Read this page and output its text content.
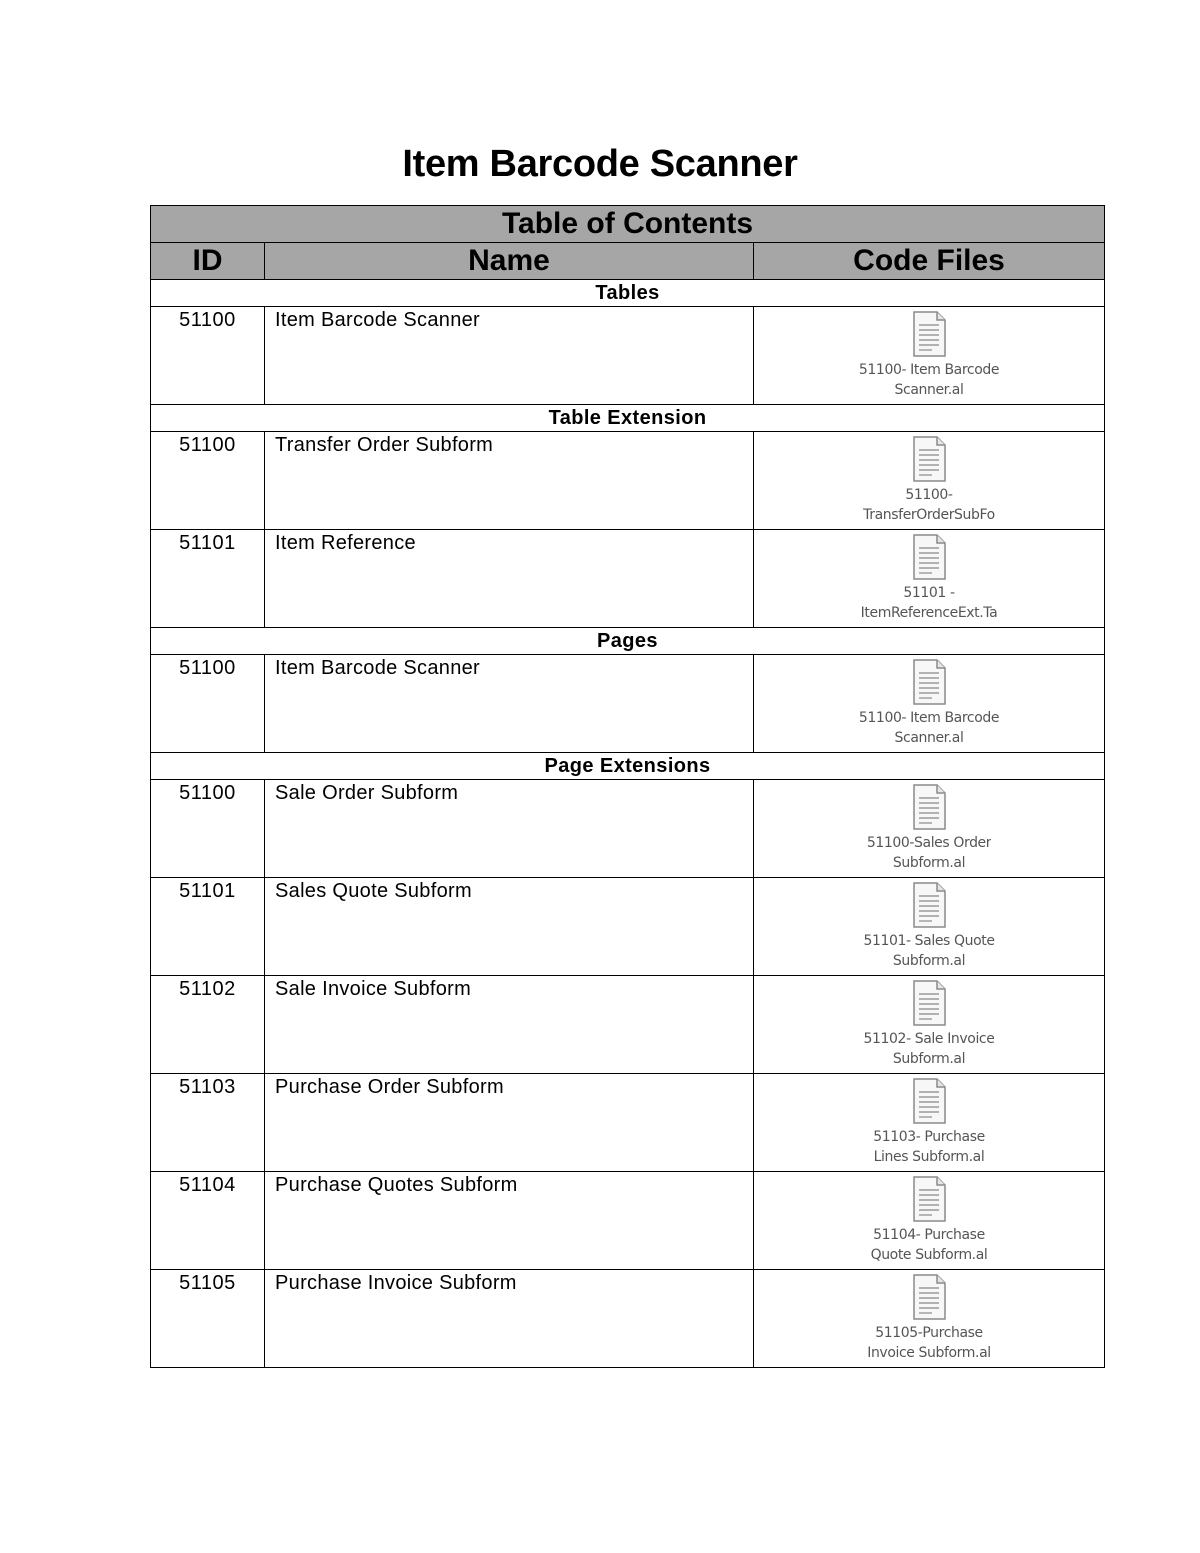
Item Barcode Scanner
Table of Contents		
ID	Name	Code Files
Tables		
51100	Item Barcode Scanner	51100- Item Barcode
Scanner.al

Table Extension		
51100	Transfer Order Subform	51100-
TransferOrderSubFo

51101	Item Reference	51101 -
ItemReferenceExt.Ta

Pages		
51100	Item Barcode Scanner	51100- Item Barcode
Scanner.al

Page Extensions		
51100	Sale Order Subform	51100-Sales Order
Subform.al

51101	Sales Quote Subform	51101- Sales Quote
Subform.al

51102	Sale Invoice Subform	51102- Sale Invoice
Subform.al

51103	Purchase Order Subform	51103- Purchase
Lines Subform.al

51104	Purchase Quotes Subform	51104- Purchase
Quote Subform.al

51105	Purchase Invoice Subform	51105-Purchase
Invoice Subform.al
